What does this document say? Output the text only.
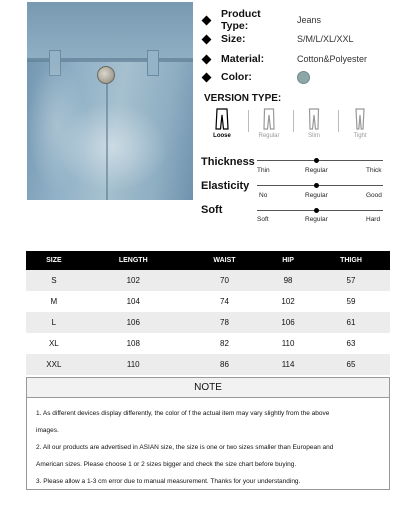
Product Type:	Jeans
Size:	S/M/L/XL/XXL
Material:	Cotton&Polyester
Color:
VERSION TYPE:
Loose	Regular	Slim	Tight
Thickness
Thin	Regular	Thick
Elasticity
No	Regular	Good
Soft
Soft	Regular	Hard
SIZE	LENGTH	WAIST	HIP	THIGH
S	102	70	98	57
M	104	74	102	59
L	106	78	106	61
XL	108	82	110	63
XXL	110	86	114	65
NOTE
1. As different devices display differently, the color of f the actual item may vary slightly from the above
images.
2. All our products are advertised in ASIAN size, the size is one or two sizes smaller than European and
American sizes. Please choose 1 or 2 sizes bigger and check the size chart before buying.
3. Please allow a 1-3 cm error due to manual measurement. Thanks for your understanding.
